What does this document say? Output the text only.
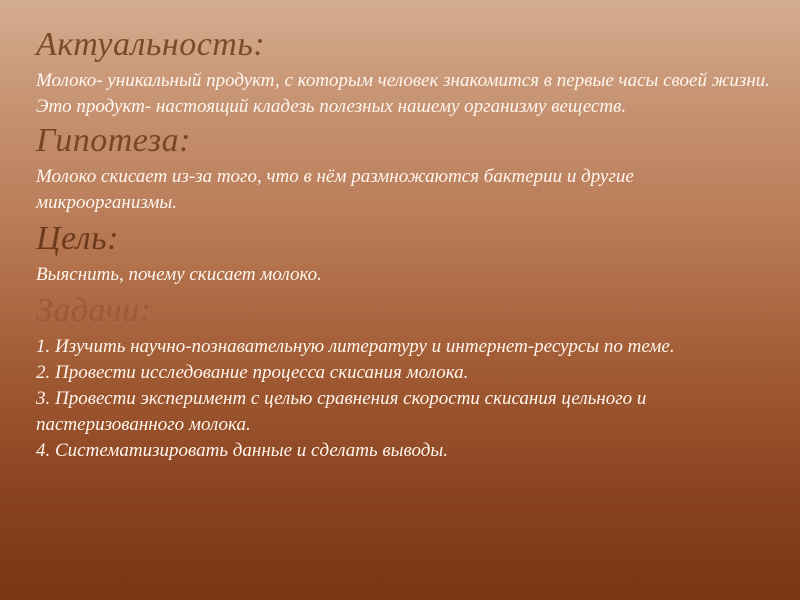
Актуальность:

Молоко- уникальный продукт, с которым человек знакомится в первые часы своей жизни. Это продукт- настоящий кладезь полезных нашему организму веществ.

Гипотеза:

Молоко скисает из-за того, что в нём размножаются бактерии и другие микроорганизмы.

Цель:

Выяснить, почему скисает молоко.

Задачи:
1. Изучить научно-познавательную литературу и интернет-ресурсы по теме.
2. Провести исследование процесса скисания молока.
3. Провести эксперимент с целью сравнения скорости скисания цельного и пастеризованного молока.
4. Систематизировать данные и сделать выводы.
